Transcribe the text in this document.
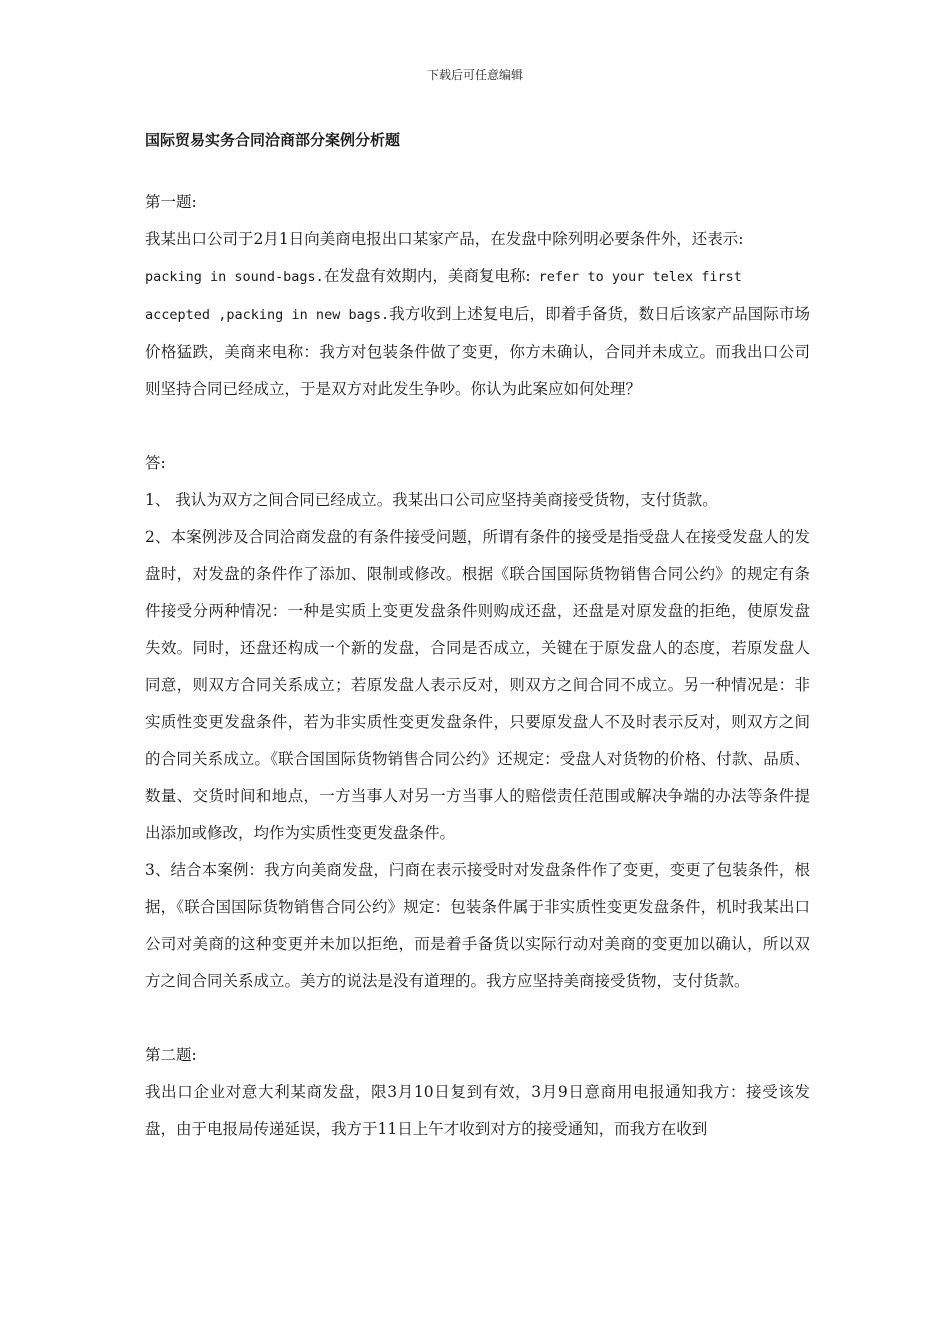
下载后可任意编辑
国际贸易实务合同洽商部分案例分析题

第一题:

我某出口公司于2月1日向美商电报出口某家产品，在发盘中除列明必要条件外，还表示:

packing in sound-bags.在发盘有效期内，美商复电称: refer to your telex first

accepted ,packing in new bags.我方收到上述复电后，即着手备货，数日后该家产品国际市场价格猛跌，美商来电称：我方对包装条件做了变更，你方未确认，合同并未成立。而我出口公司则坚持合同已经成立，于是双方对此发生争吵。你认为此案应如何处理？

答:

1、 我认为双方之间合同已经成立。我某出口公司应坚持美商接受货物，支付货款。

2、本案例涉及合同洽商发盘的有条件接受问题，所谓有条件的接受是指受盘人在接受发盘人的发盘时，对发盘的条件作了添加、限制或修改。根据《联合国国际货物销售合同公约》的规定有条件接受分两种情况：一种是实质上变更发盘条件则购成还盘，还盘是对原发盘的拒绝，使原发盘失效。同时，还盘还构成一个新的发盘，合同是否成立，关键在于原发盘人的态度，若原发盘人同意，则双方合同关系成立；若原发盘人表示反对，则双方之间合同不成立。另一种情况是：非实质性变更发盘条件，若为非实质性变更发盘条件，只要原发盘人不及时表示反对，则双方之间的合同关系成立。《联合国国际货物销售合同公约》还规定：受盘人对货物的价格、付款、品质、数量、交货时间和地点，一方当事人对另一方当事人的赔偿责任范围或解决争端的办法等条件提出添加或修改，均作为实质性变更发盘条件。

3、结合本案例：我方向美商发盘，闩商在表示接受时对发盘条件作了变更，变更了包装条件，根据，《联合国国际货物销售合同公约》规定：包装条件属于非实质性变更发盘条件，机时我某出口公司对美商的这种变更并未加以拒绝，而是着手备货以实际行动对美商的变更加以确认，所以双方之间合同关系成立。美方的说法是没有道理的。我方应坚持美商接受货物，支付货款。

第二题:

我出口企业对意大利某商发盘，限3月10日复到有效，3月9日意商用电报通知我方：接受该发盘，由于电报局传递延误，我方于11日上午才收到对方的接受通知，而我方在收到
